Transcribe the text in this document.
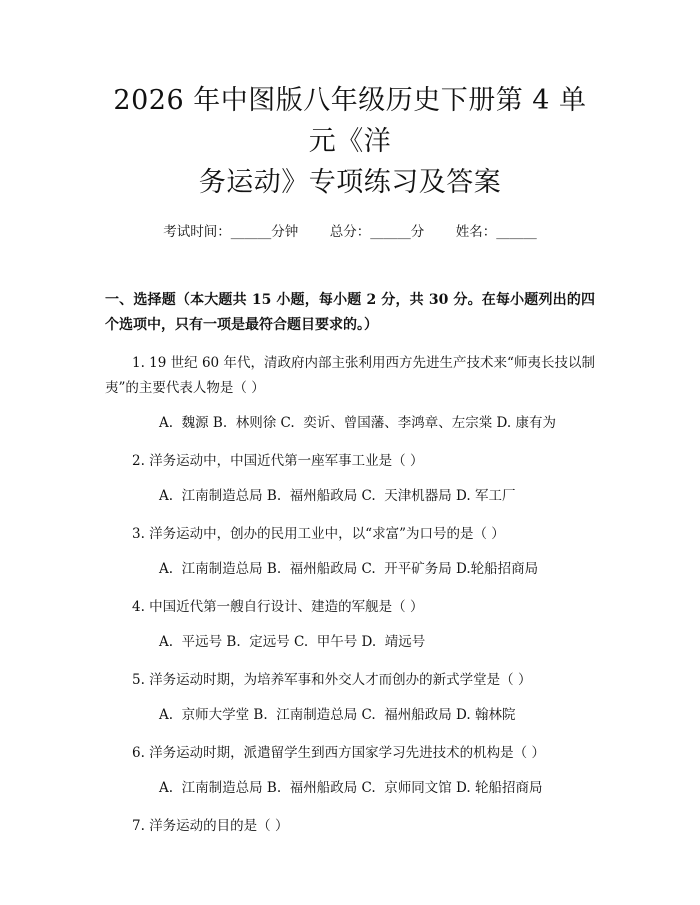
2026 年中图版八年级历史下册第 4 单元《洋
务运动》专项练习及答案
考试时间：______分钟     总分：______分     姓名：______
一、选择题（本大题共 15 小题，每小题 2 分，共 30 分。在每小题列出的四个选项中，只有一项是最符合题目要求的。）
1. 19 世纪 60 年代，清政府内部主张利用西方先进生产技术来“师夷长技以制夷”的主要代表人物是（ ）
A.  魏源 B.  林则徐 C.  奕䜣、曾国藩、李鸿章、左宗棠 D. 康有为
2. 洋务运动中，中国近代第一座军事工业是（ ）
A.  江南制造总局 B.  福州船政局 C.  天津机器局 D. 军工厂
3. 洋务运动中，创办的民用工业中，以“求富”为口号的是（ ）
A.  江南制造总局 B.  福州船政局 C.  开平矿务局 D.轮船招商局
4. 中国近代第一艘自行设计、建造的军舰是（ ）
A.  平远号 B.  定远号 C.  甲午号 D.  靖远号
5. 洋务运动时期，为培养军事和外交人才而创办的新式学堂是（ ）
A.  京师大学堂 B.  江南制造总局 C.  福州船政局 D. 翰林院
6. 洋务运动时期，派遣留学生到西方国家学习先进技术的机构是（ ）
A.  江南制造总局 B.  福州船政局 C.  京师同文馆 D. 轮船招商局
7. 洋务运动的目的是（ ）
